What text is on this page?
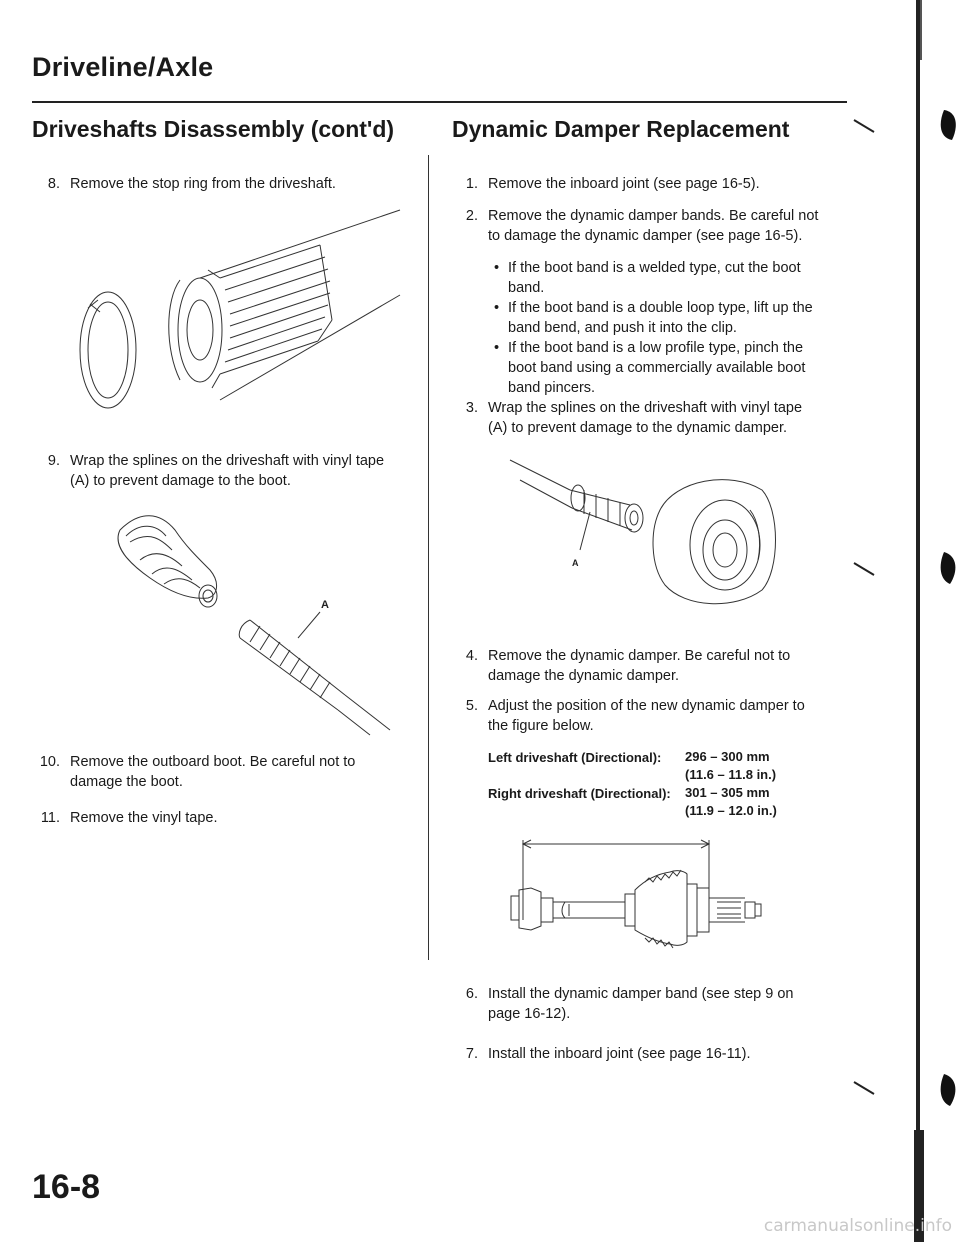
Driveline/Axle
Driveshafts Disassembly (cont'd)
8. Remove the stop ring from the driveshaft.
9. Wrap the splines on the driveshaft with vinyl tape
(A) to prevent damage to the boot.
A
10. Remove the outboard boot. Be careful not to
damage the boot.
11. Remove the vinyl tape.
Dynamic Damper Replacement
1. Remove the inboard joint (see page 16-5).
2. Remove the dynamic damper bands. Be careful not
to damage the dynamic damper (see page 16-5).
• If the boot band is a welded type, cut the boot
band.
• If the boot band is a double loop type, lift up the
band bend, and push it into the clip.
• If the boot band is a low profile type, pinch the
boot band using a commercially available boot
band pincers.
3. Wrap the splines on the driveshaft with vinyl tape
(A) to prevent damage to the dynamic damper.
A
4. Remove the dynamic damper. Be careful not to
damage the dynamic damper.
5. Adjust the position of the new dynamic damper to
the figure below.
Left driveshaft (Directional): 296 – 300 mm
(11.6 – 11.8 in.)
Right driveshaft (Directional): 301 – 305 mm
(11.9 – 12.0 in.)
6. Install the dynamic damper band (see step 9 on
page 16-12).
7. Install the inboard joint (see page 16-11).
16-8
carmanualsonline.info
